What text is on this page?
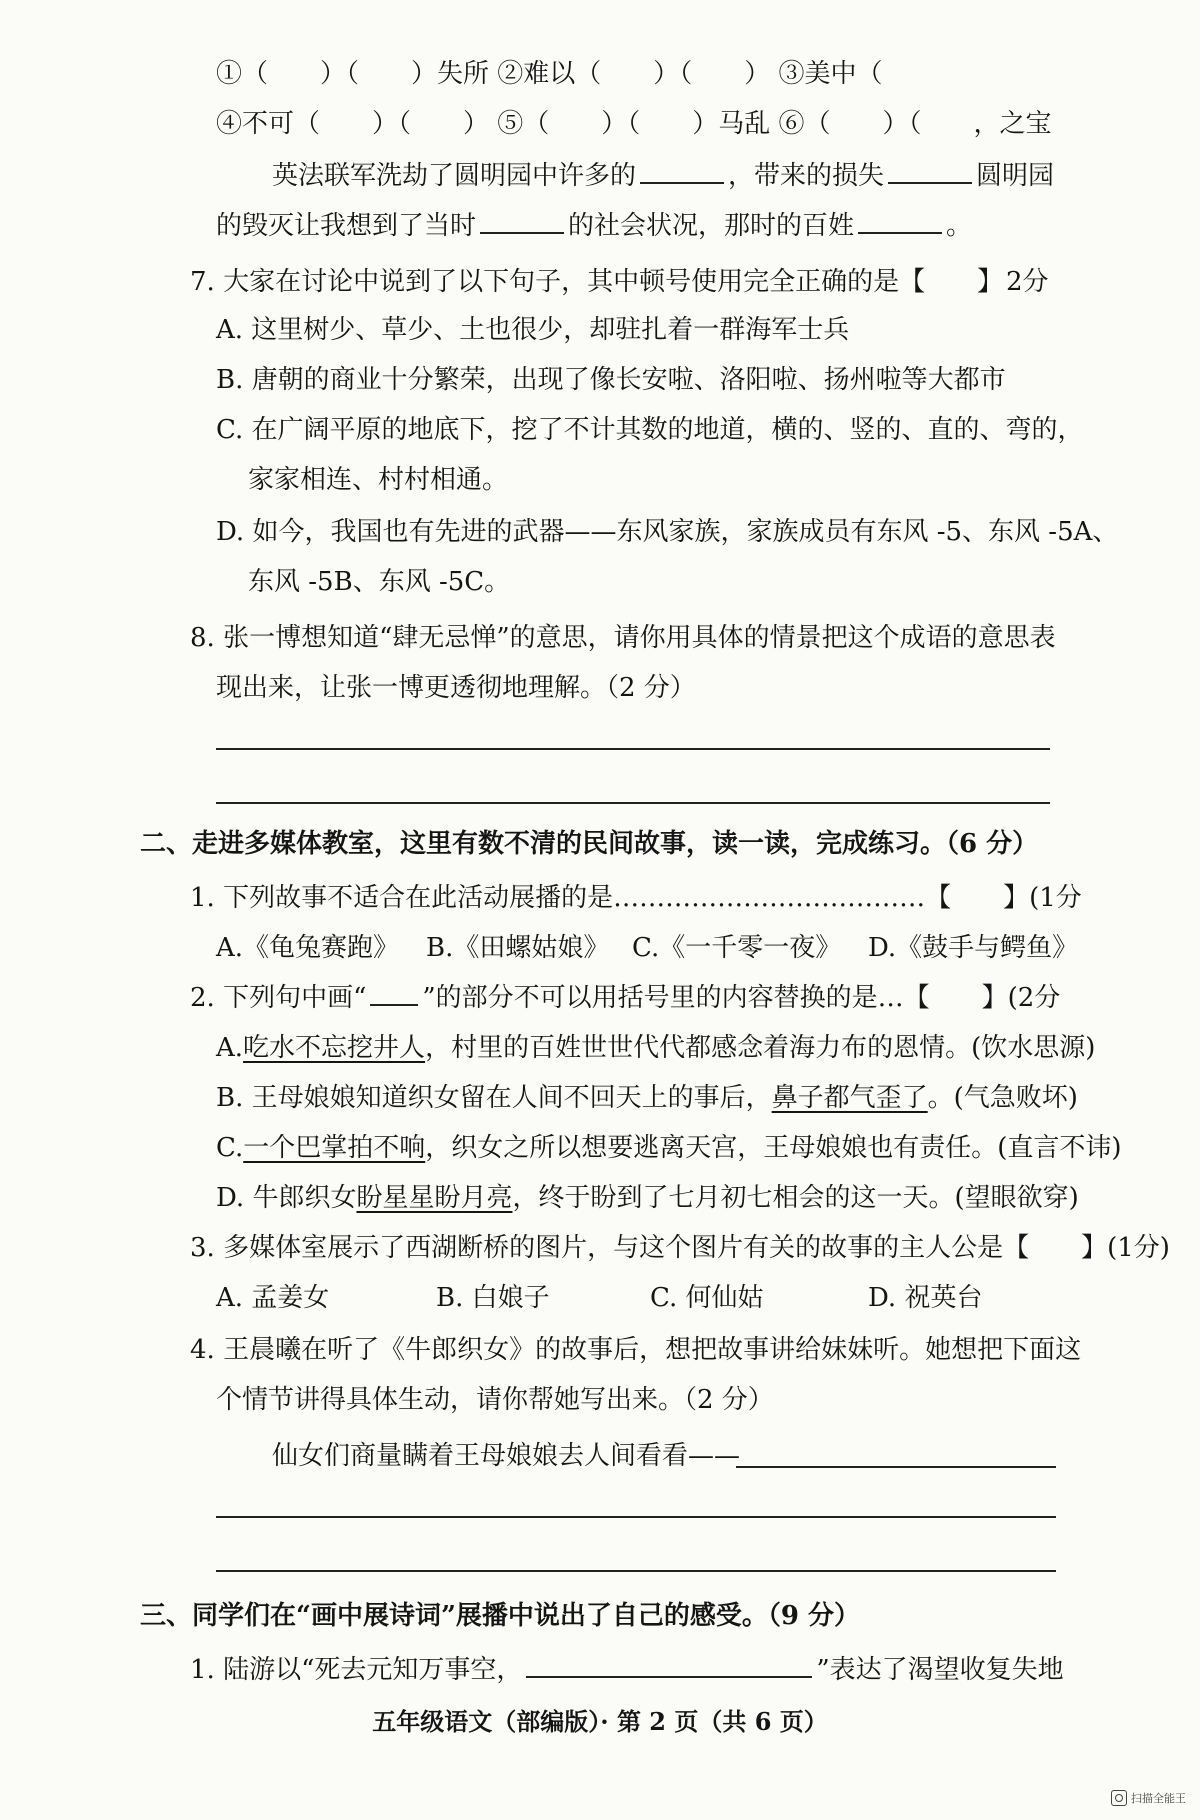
①（　　）（　　）失所 ②难以（　　）（　　） ③美中（
④不可（　　）（　　） ⑤（　　）（　　）马乱 ⑥（　　）（　　，之宝
英法联军洗劫了圆明园中许多的	，带来的损失	圆明园
的毁灭让我想到了当时	的社会状况，那时的百姓	。
7. 大家在讨论中说到了以下句子，其中顿号使用完全正确的是【　　】 2分
A. 这里树少、草少、土也很少，却驻扎着一群海军士兵
B. 唐朝的商业十分繁荣，出现了像长安啦、洛阳啦、扬州啦等大都市
C. 在广阔平原的地底下，挖了不计其数的地道，横的、竖的、直的、弯的，
家家相连、村村相通。
D. 如今，我国也有先进的武器——东风家族，家族成员有东风 -5、东风 -5A、
东风 -5B、东风 -5C。
8. 张一博想知道“肆无忌惮”的意思，请你用具体的情景把这个成语的意思表
现出来，让张一博更透彻地理解。（2 分）
二、走进多媒体教室，这里有数不清的民间故事，读一读，完成练习。（6 分）
1. 下列故事不适合在此活动展播的是………………………………【　　】(1分
A.《龟兔赛跑》 B.《田螺姑娘》 C.《一千零一夜》 D.《鼓手与鳄鱼》
2. 下列句中画“ ”的部分不可以用括号里的内容替换的是…【　　】(2分
A.吃水不忘挖井人，村里的百姓世世代代都感念着海力布的恩情。(饮水思源)
B. 王母娘娘知道织女留在人间不回天上的事后，鼻子都气歪了。(气急败坏)
C.一个巴掌拍不响，织女之所以想要逃离天宫，王母娘娘也有责任。(直言不讳)
D. 牛郎织女盼星星盼月亮，终于盼到了七月初七相会的这一天。(望眼欲穿)
3. 多媒体室展示了西湖断桥的图片，与这个图片有关的故事的主人公是【　　】(1分)
A. 孟姜女	B. 白娘子	C. 何仙姑	D. 祝英台
4. 王晨曦在听了《牛郎织女》的故事后，想把故事讲给妹妹听。她想把下面这
个情节讲得具体生动，请你帮她写出来。（2 分）
仙女们商量瞒着王母娘娘去人间看看——
三、同学们在“画中展诗词”展播中说出了自己的感受。（9 分）
1. 陆游以“死去元知万事空，	”表达了渴望收复失地
五年级语文（部编版）· 第 2 页（共 6 页）
扫描全能王
